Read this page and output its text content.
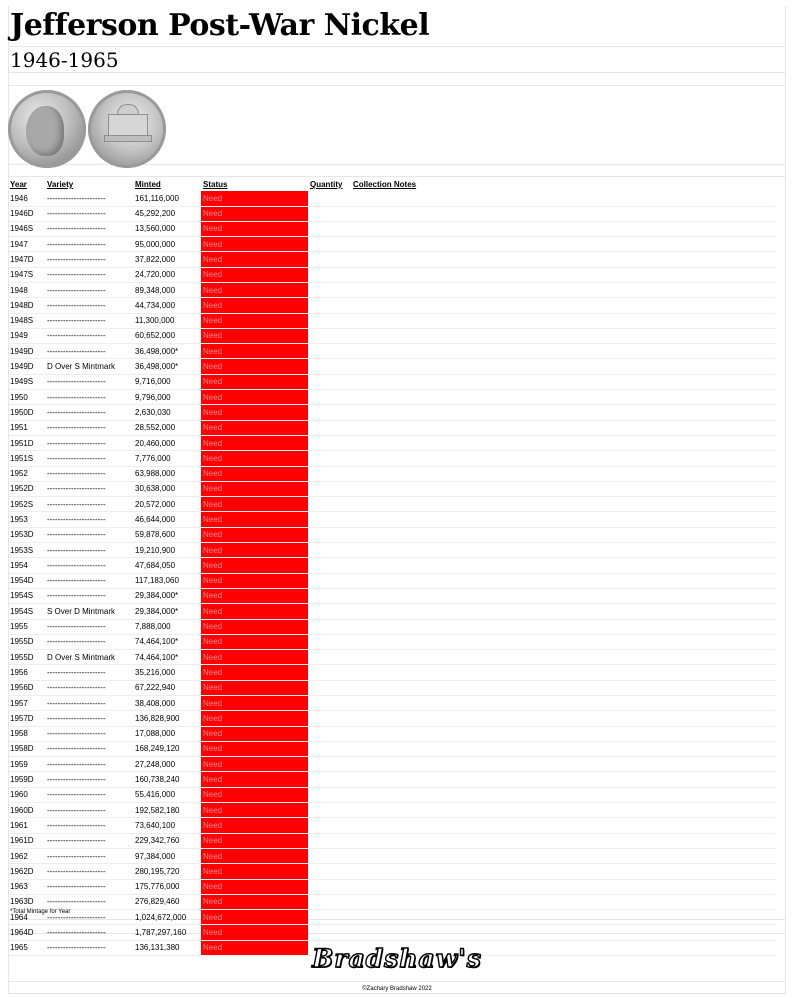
Jefferson Post-War Nickel
1946-1965
Year	Variety	Minted	Status	Quantity	Collection Notes
1946	----------------------	161,116,000	Need		
1946D	----------------------	45,292,200	Need		
1946S	----------------------	13,560,000	Need		
1947	----------------------	95,000,000	Need		
1947D	----------------------	37,822,000	Need		
1947S	----------------------	24,720,000	Need		
1948	----------------------	89,348,000	Need		
1948D	----------------------	44,734,000	Need		
1948S	----------------------	11,300,000	Need		
1949	----------------------	60,652,000	Need		
1949D	----------------------	36,498,000*	Need		
1949D	D Over S Mintmark	36,498,000*	Need		
1949S	----------------------	9,716,000	Need		
1950	----------------------	9,796,000	Need		
1950D	----------------------	2,630,030	Need		
1951	----------------------	28,552,000	Need		
1951D	----------------------	20,460,000	Need		
1951S	----------------------	7,776,000	Need		
1952	----------------------	63,988,000	Need		
1952D	----------------------	30,638,000	Need		
1952S	----------------------	20,572,000	Need		
1953	----------------------	46,644,000	Need		
1953D	----------------------	59,878,600	Need		
1953S	----------------------	19,210,900	Need		
1954	----------------------	47,684,050	Need		
1954D	----------------------	117,183,060	Need		
1954S	----------------------	29,384,000*	Need		
1954S	S Over D Mintmark	29,384,000*	Need		
1955	----------------------	7,888,000	Need		
1955D	----------------------	74,464,100*	Need		
1955D	D Over S Mintmark	74,464,100*	Need		
1956	----------------------	35,216,000	Need		
1956D	----------------------	67,222,940	Need		
1957	----------------------	38,408,000	Need		
1957D	----------------------	136,828,900	Need		
1958	----------------------	17,088,000	Need		
1958D	----------------------	168,249,120	Need		
1959	----------------------	27,248,000	Need		
1959D	----------------------	160,738,240	Need		
1960	----------------------	55,416,000	Need		
1960D	----------------------	192,582,180	Need		
1961	----------------------	73,640,100	Need		
1961D	----------------------	229,342,760	Need		
1962	----------------------	97,384,000	Need		
1962D	----------------------	280,195,720	Need		
1963	----------------------	175,776,000	Need		
1963D	----------------------	276,829,460	Need		
1964	----------------------	1,024,672,000	Need		
1964D	----------------------	1,787,297,160	Need		
1965	----------------------	136,131,380	Need		
*Total Mintage for Year
Bradshaw's
©Zachary Bradshaw 2022
